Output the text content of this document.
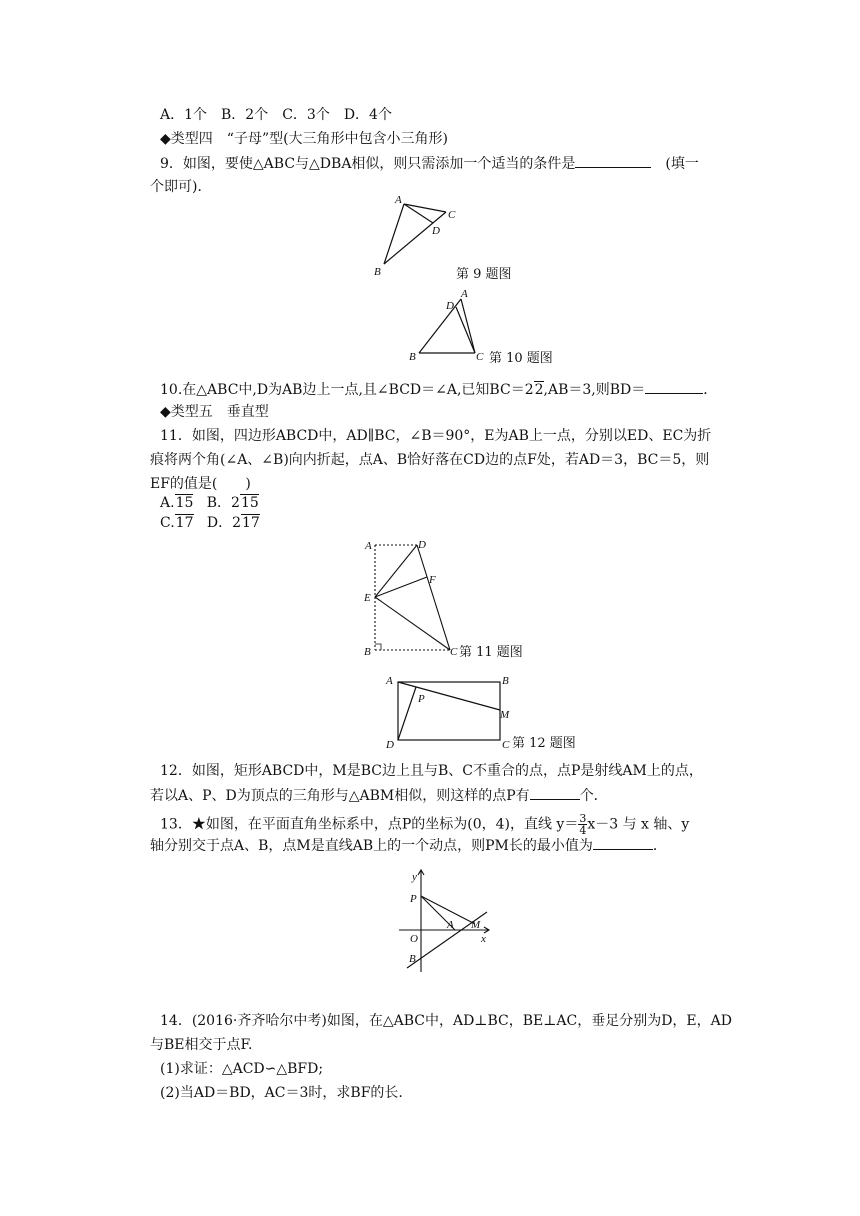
A．1个　B．2个　C．3个　D．4个
◆类型四　“子母”型(大三角形中包含小三角形)
9．如图，要使△ABC与△DBA相似，则只需添加一个适当的条件是	　(填一
个即可)．
A
B
C
D
第 9 题图
A
B	C
D
第 10 题图
10.在△ABC中,D为AB边上一点,且∠BCD＝∠A,已知BC＝22,AB＝3,则BD＝	．
◆类型五　垂直型
11．如图，四边形ABCD中，AD∥BC，∠B＝90°，E为AB上一点，分别以ED、EC为折
痕将两个角(∠A、∠B)向内折起，点A、B恰好落在CD边的点F处，若AD＝3，BC＝5，则
EF的值是(　　)
A.15 B．215
C.17 D．217
A
B	C
D
E
F
第 11 题图
A	B
C
D
P
M
第 12 题图
12．如图，矩形ABCD中，M是BC边上且与B、C不重合的点，点P是射线AM上的点，
若以A、P、D为顶点的三角形与△ABM相似，则这样的点P有	个．
13．★如图，在平面直角坐标系中，点P的坐标为(0，4)，直线 $y= \frac{3}{4} x-3$ 与 x 轴、y
轴分别交于点A、B，点M是直线AB上的一个动点，则PM长的最小值为	．
y
x
P
O
A M
B
14．(2016·齐齐哈尔中考)如图，在△ABC中，AD⊥BC，BE⊥AC，垂足分别为D，E，AD
与BE相交于点F.
(1)求证：△ACD∽△BFD;
(2)当AD＝BD，AC＝3时，求BF的长.
